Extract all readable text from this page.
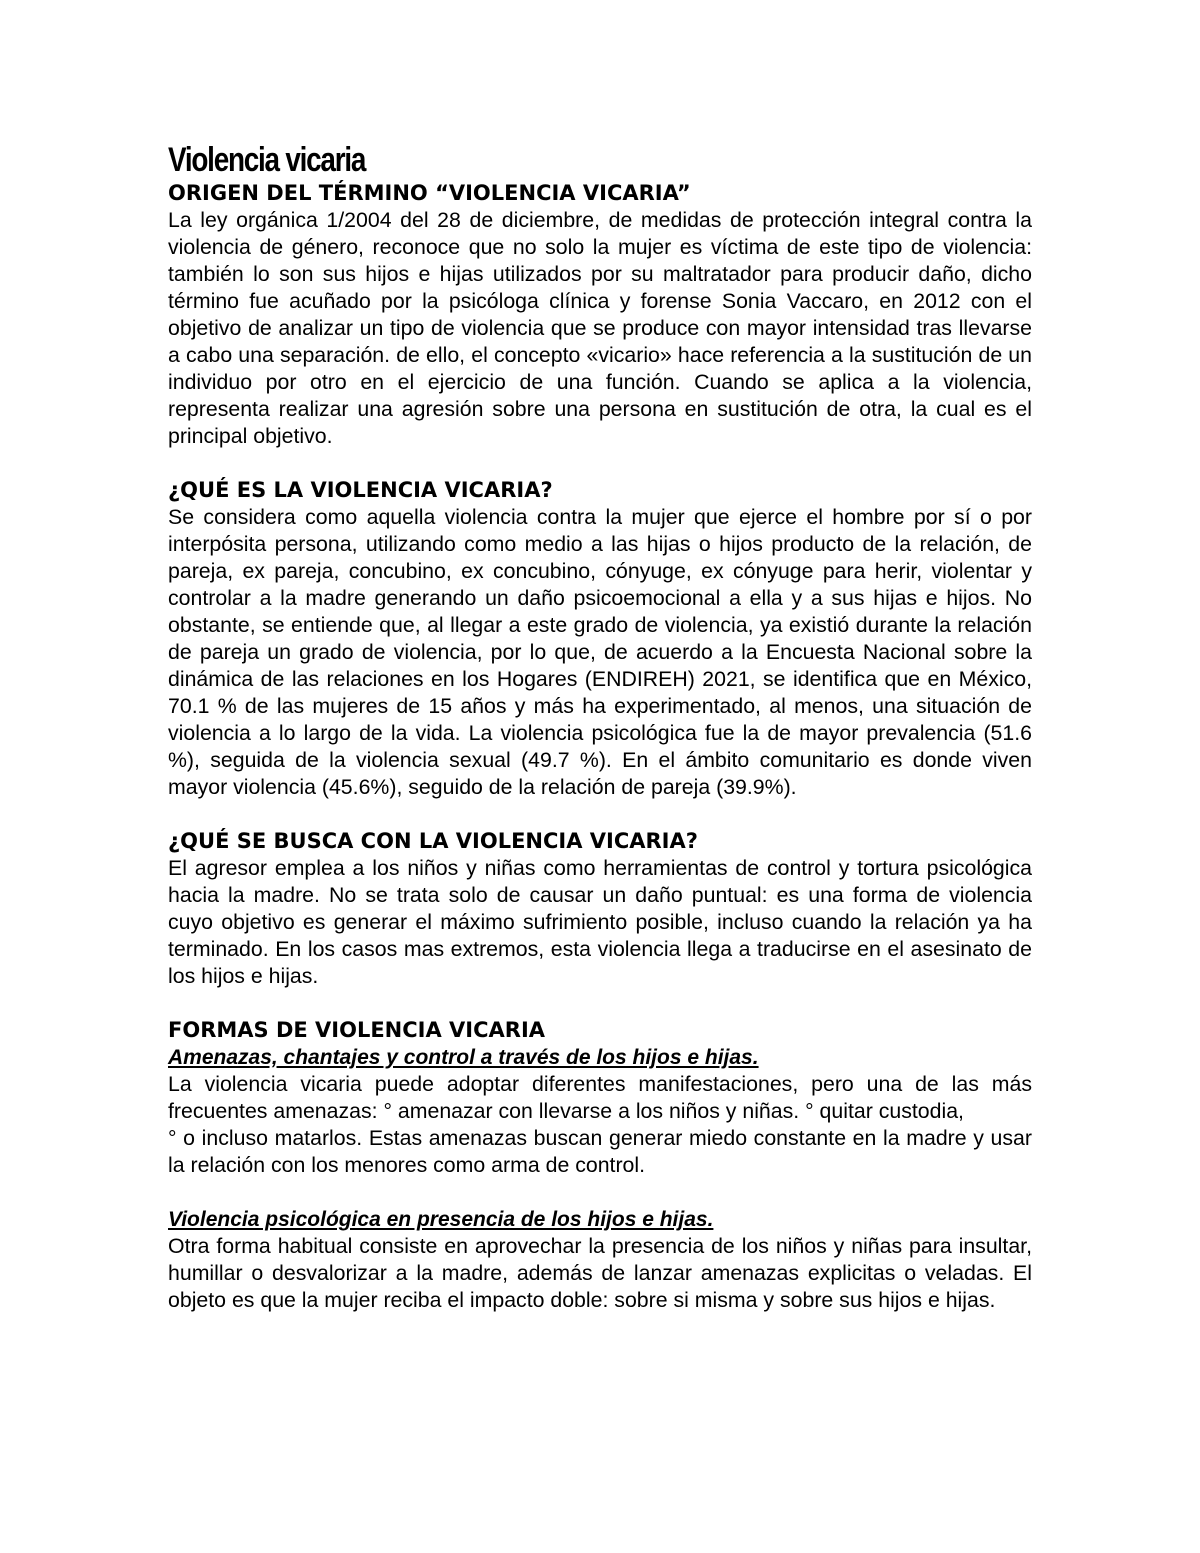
Violencia vicaria
ORIGEN DEL TÉRMINO “VIOLENCIA VICARIA”

La ley orgánica 1/2004 del 28 de diciembre, de medidas de protección integral contra la violencia de género, reconoce que no solo la mujer es víctima de este tipo de violencia: también lo son sus hijos e hijas utilizados por su maltratador para producir daño, dicho término fue acuñado por la psicóloga clínica y forense Sonia Vaccaro, en 2012 con el objetivo de analizar un tipo de violencia que se produce con mayor intensidad tras llevarse a cabo una separación. de ello, el concepto «vicario» hace referencia a la sustitución de un individuo por otro en el ejercicio de una función. Cuando se aplica a la violencia, representa realizar una agresión sobre una persona en sustitución de otra, la cual es el principal objetivo.

¿QUÉ ES LA VIOLENCIA VICARIA?

Se considera como aquella violencia contra la mujer que ejerce el hombre por sí o por interpósita persona, utilizando como medio a las hijas o hijos producto de la relación, de pareja, ex pareja, concubino, ex concubino, cónyuge, ex cónyuge para herir, violentar y controlar a la madre generando un daño psicoemocional a ella y a sus hijas e hijos. No obstante, se entiende que, al llegar a este grado de violencia, ya existió durante la relación de pareja un grado de violencia, por lo que, de acuerdo a la Encuesta Nacional sobre la dinámica de las relaciones en los Hogares (ENDIREH) 2021, se identifica que en México, 70.1 % de las mujeres de 15 años y más ha experimentado, al menos, una situación de violencia a lo largo de la vida. La violencia psicológica fue la de mayor prevalencia (51.6 %), seguida de la violencia sexual (49.7 %). En el ámbito comunitario es donde viven mayor violencia (45.6%), seguido de la relación de pareja (39.9%).

¿QUÉ SE BUSCA CON LA VIOLENCIA VICARIA?

El agresor emplea a los niños y niñas como herramientas de control y tortura psicológica hacia la madre. No se trata solo de causar un daño puntual: es una forma de violencia cuyo objetivo es generar el máximo sufrimiento posible, incluso cuando la relación ya ha terminado. En los casos mas extremos, esta violencia llega a traducirse en el asesinato de los hijos e hijas.

FORMAS DE VIOLENCIA VICARIA
Amenazas, chantajes y control a través de los hijos e hijas.

La violencia vicaria puede adoptar diferentes manifestaciones, pero una de las más frecuentes amenazas: ° amenazar con llevarse a los niños y niñas. ° quitar custodia,

° o incluso matarlos. Estas amenazas buscan generar miedo constante en la madre y usar la relación con los menores como arma de control.

Violencia psicológica en presencia de los hijos e hijas.

Otra forma habitual consiste en aprovechar la presencia de los niños y niñas para insultar, humillar o desvalorizar a la madre, además de lanzar amenazas explicitas o veladas. El objeto es que la mujer reciba el impacto doble: sobre si misma y sobre sus hijos e hijas.
